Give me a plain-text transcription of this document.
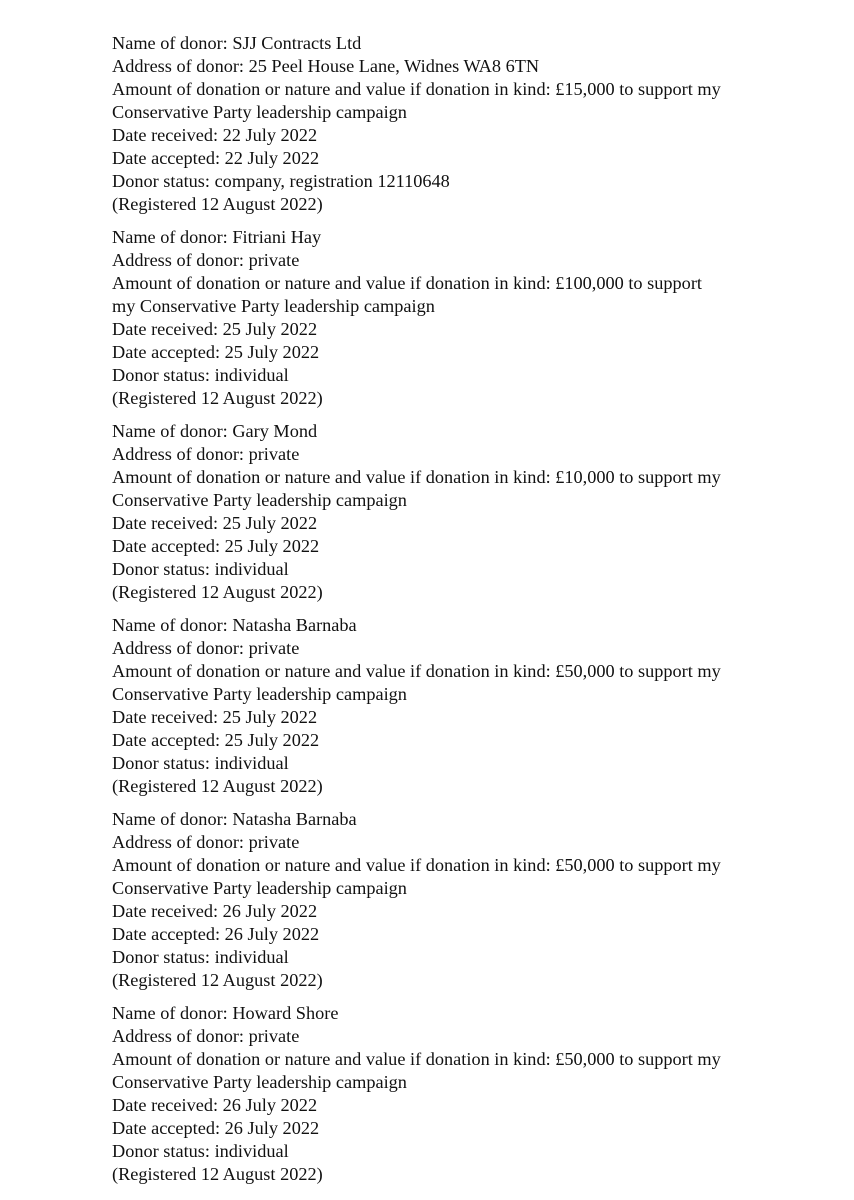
Name of donor: SJJ Contracts Ltd
Address of donor: 25 Peel House Lane, Widnes WA8 6TN
Amount of donation or nature and value if donation in kind: £15,000 to support my
Conservative Party leadership campaign
Date received: 22 July 2022
Date accepted: 22 July 2022
Donor status: company, registration 12110648
(Registered 12 August 2022)
Name of donor: Fitriani Hay
Address of donor: private
Amount of donation or nature and value if donation in kind: £100,000 to support
my Conservative Party leadership campaign
Date received: 25 July 2022
Date accepted: 25 July 2022
Donor status: individual
(Registered 12 August 2022)
Name of donor: Gary Mond
Address of donor: private
Amount of donation or nature and value if donation in kind: £10,000 to support my
Conservative Party leadership campaign
Date received: 25 July 2022
Date accepted: 25 July 2022
Donor status: individual
(Registered 12 August 2022)
Name of donor: Natasha Barnaba
Address of donor: private
Amount of donation or nature and value if donation in kind: £50,000 to support my
Conservative Party leadership campaign
Date received: 25 July 2022
Date accepted: 25 July 2022
Donor status: individual
(Registered 12 August 2022)
Name of donor: Natasha Barnaba
Address of donor: private
Amount of donation or nature and value if donation in kind: £50,000 to support my
Conservative Party leadership campaign
Date received: 26 July 2022
Date accepted: 26 July 2022
Donor status: individual
(Registered 12 August 2022)
Name of donor: Howard Shore
Address of donor: private
Amount of donation or nature and value if donation in kind: £50,000 to support my
Conservative Party leadership campaign
Date received: 26 July 2022
Date accepted: 26 July 2022
Donor status: individual
(Registered 12 August 2022)
